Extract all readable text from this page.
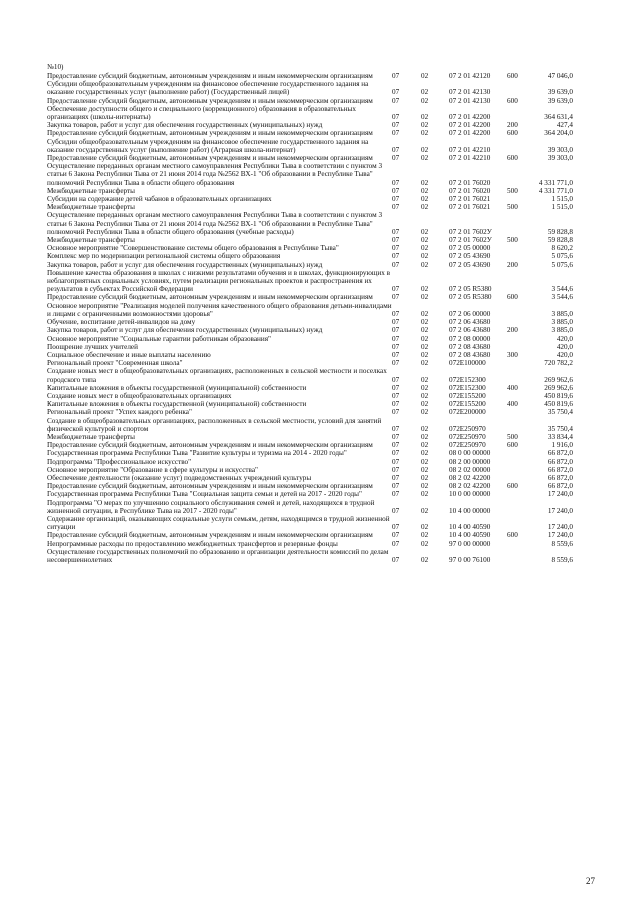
№10)
Предоставление субсидий бюджетным, автономным учреждениям и иным некоммерческим организациям	07	02	07 2 01 42120	600	47 046,0
Субсидии общеобразовательным учреждениям на финансовое обеспечение государственного задания на оказание государственных услуг (выполнение работ) (Государственный лицей)	07	02	07 2 01 42130		39 639,0
Предоставление субсидий бюджетным, автономным учреждениям и иным некоммерческим организациям	07	02	07 2 01 42130	600	39 639,0
Обеспечение доступности общего и специального (коррекционного) образования в образовательных организациях (школы-интернаты)	07	02	07 2 01 42200		364 631,4
Закупка товаров, работ и услуг для обеспечения государственных (муниципальных) нужд	07	02	07 2 01 42200	200	427,4
Предоставление субсидий бюджетным, автономным учреждениям и иным некоммерческим организациям	07	02	07 2 01 42200	600	364 204,0
Субсидии общеобразовательным учреждениям на финансовое обеспечение государственного задания на оказание государственных услуг (выполнение работ) (Аграрная школа-интернат)	07	02	07 2 01 42210		39 303,0
Предоставление субсидий бюджетным, автономным учреждениям и иным некоммерческим организациям	07	02	07 2 01 42210	600	39 303,0
Осуществление переданных органам местного самоуправления Республики Тыва в соответствии с пунктом 3 статьи 6 Закона Республики Тыва от 21 июня 2014 года №2562 ВХ-1 "Об образовании в Республике Тыва" полномочий Республики Тыва в области общего образования	07	02	07 2 01 76020		4 331 771,0
Межбюджетные трансферты	07	02	07 2 01 76020	500	4 331 771,0
Субсидии на содержание детей чабанов в образовательных организациях	07	02	07 2 01 76021		1 515,0
Межбюджетные трансферты	07	02	07 2 01 76021	500	1 515,0
Осуществление переданных органам местного самоуправления Республики Тыва в соответствии с пунктом 3 статьи 6 Закона Республики Тыва от 21 июня 2014 года №2562 ВХ-1 "Об образовании в Республике Тыва" полномочий Республики Тыва в области общего образования (учебные расходы)	07	02	07 2 01 7602У		59 828,8
Межбюджетные трансферты	07	02	07 2 01 7602У	500	59 828,8
Основное мероприятие "Совершенствование системы общего образования в Республике Тыва"	07	02	07 2 05 00000		8 620,2
Комплекс мер по модернизации региональной системы общего образования	07	02	07 2 05 43690		5 075,6
Закупка товаров, работ и услуг для обеспечения государственных (муниципальных) нужд	07	02	07 2 05 43690	200	5 075,6
Повышение качества образования в школах с низкими результатами обучения и в школах, функционирующих в неблагоприятных социальных условиях, путем реализации региональных проектов и распространения их результатов в субъектах Российской Федерации	07	02	07 2 05 R5380		3 544,6
Предоставление субсидий бюджетным, автономным учреждениям и иным некоммерческим организациям	07	02	07 2 05 R5380	600	3 544,6
Основное мероприятие "Реализация моделей получения качественного общего образования детьми-инвалидами и лицами с ограниченными возможностями здоровья"	07	02	07 2 06 00000		3 885,0
Обучение, воспитание детей-инвалидов на дому	07	02	07 2 06 43680		3 885,0
Закупка товаров, работ и услуг для обеспечения государственных (муниципальных) нужд	07	02	07 2 06 43680	200	3 885,0
Основное мероприятие "Социальные гарантии работникам образования"	07	02	07 2 08 00000		420,0
Поощрение лучших учителей	07	02	07 2 08 43680		420,0
Социальное обеспечение и иные выплаты населению	07	02	07 2 08 43680	300	420,0
Региональный проект "Современная школа"	07	02	072E100000		720 782,2
Создание новых мест в общеобразовательных организациях, расположенных в сельской местности и поселках городского типа	07	02	072E152300		269 962,6
Капитальные вложения в объекты государственной (муниципальной) собственности	07	02	072E152300	400	269 962,6
Создание новых мест в общеобразовательных организациях	07	02	072E155200		450 819,6
Капитальные вложения в объекты государственной (муниципальной) собственности	07	02	072E155200	400	450 819,6
Региональный проект "Успех каждого ребенка"	07	02	072E200000		35 750,4
Создание в общеобразовательных организациях, расположенных в сельской местности, условий для занятий физической культурой и спортом	07	02	072E250970		35 750,4
Межбюджетные трансферты	07	02	072E250970	500	33 834,4
Предоставление субсидий бюджетным, автономным учреждениям и иным некоммерческим организациям	07	02	072E250970	600	1 916,0
Государственная программа Республики Тыва "Развитие культуры и туризма на 2014 - 2020 годы"	07	02	08 0 00 00000		66 872,0
Подпрограмма "Профессиональное искусство"	07	02	08 2 00 00000		66 872,0
Основное мероприятие "Образование в сфере культуры и искусства"	07	02	08 2 02 00000		66 872,0
Обеспечение деятельности (оказание услуг) подведомственных учреждений культуры	07	02	08 2 02 42200		66 872,0
Предоставление субсидий бюджетным, автономным учреждениям и иным некоммерческим организациям	07	02	08 2 02 42200	600	66 872,0
Государственная программа Республики Тыва "Социальная защита семьи и детей на 2017 - 2020 годы"	07	02	10 0 00 00000		17 240,0
Подпрограмма "О мерах по улучшению социального обслуживания семей и детей, находящихся в трудной жизненной ситуации, в Республике Тыва на 2017 - 2020 годы"	07	02	10 4 00 00000		17 240,0
Содержание организаций, оказывающих социальные услуги семьям, детям, находящимся в трудной жизненной ситуации	07	02	10 4 00 40590		17 240,0
Предоставление субсидий бюджетным, автономным учреждениям и иным некоммерческим организациям	07	02	10 4 00 40590	600	17 240,0
Непрограммные расходы по предоставлению межбюджетных трансфертов и резервные фонды	07	02	97 0 00 00000		8 559,6
Осуществление государственных полномочий по образованию и организации деятельности комиссий по делам несовершеннолетних	07	02	97 0 00 76100		8 559,6
27
